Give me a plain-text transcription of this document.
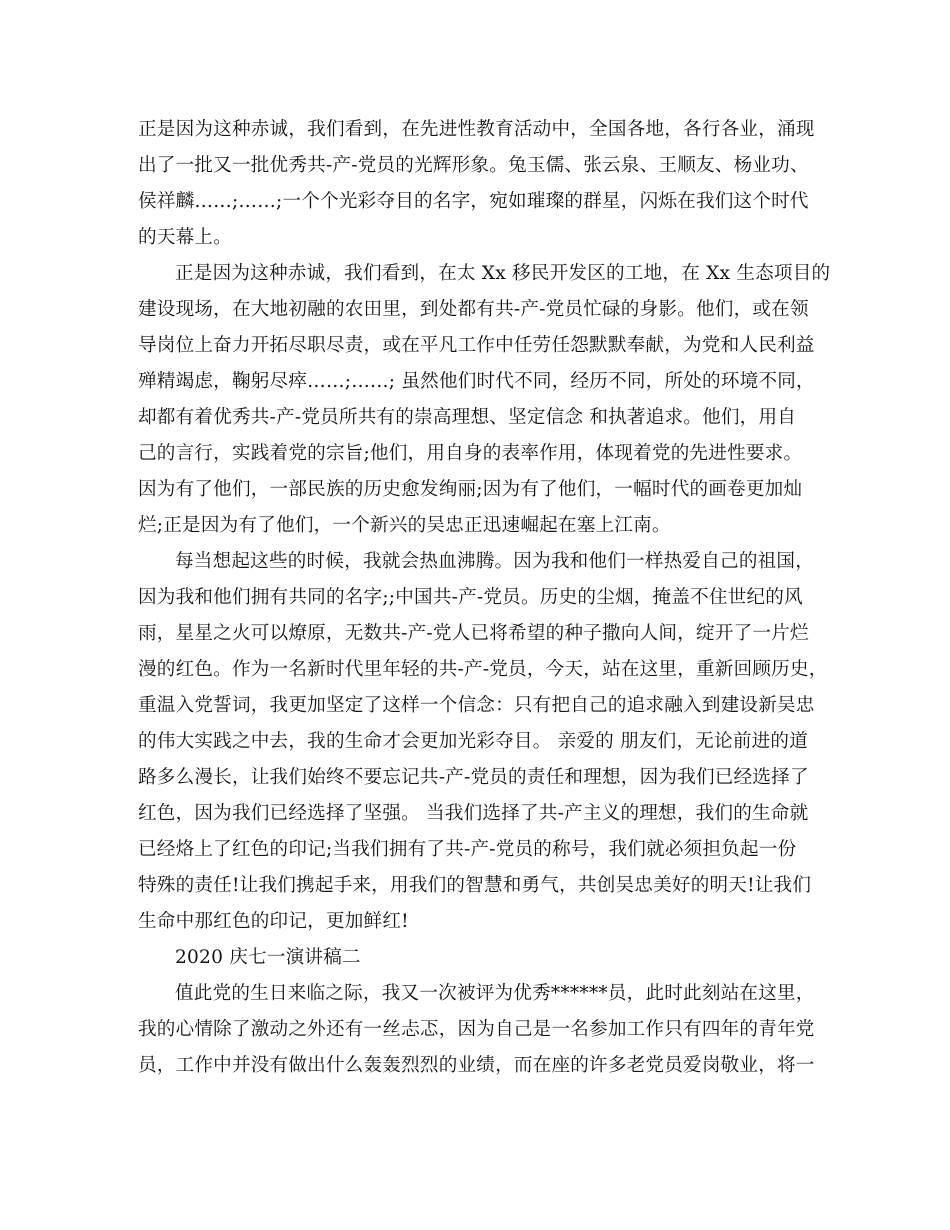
正是因为这种赤诚，我们看到，在先进性教育活动中，全国各地，各行各业，涌现
出了一批又一批优秀共-产-党员的光辉形象。兔玉儒、张云泉、王顺友、杨业功、
侯祥麟……;……;一个个光彩夺目的名字，宛如璀璨的群星，闪烁在我们这个时代
的天幕上。
正是因为这种赤诚，我们看到，在太 Xx 移民开发区的工地，在 Xx 生态项目的
建设现场，在大地初融的农田里，到处都有共-产-党员忙碌的身影。他们，或在领
导岗位上奋力开拓尽职尽责，或在平凡工作中任劳任怨默默奉献，为党和人民利益
殚精竭虑，鞠躬尽瘁……;……; 虽然他们时代不同，经历不同，所处的环境不同，
却都有着优秀共-产-党员所共有的崇高理想、坚定信念 和执著追求。他们，用自
己的言行，实践着党的宗旨;他们，用自身的表率作用，体现着党的先进性要求。
因为有了他们，一部民族的历史愈发绚丽;因为有了他们，一幅时代的画卷更加灿
烂;正是因为有了他们，一个新兴的吴忠正迅速崛起在塞上江南。
每当想起这些的时候，我就会热血沸腾。因为我和他们一样热爱自己的祖国，
因为我和他们拥有共同的名字;;中国共-产-党员。历史的尘烟，掩盖不住世纪的风
雨，星星之火可以燎原，无数共-产-党人已将希望的种子撒向人间，绽开了一片烂
漫的红色。作为一名新时代里年轻的共-产-党员，今天，站在这里，重新回顾历史，
重温入党誓词，我更加坚定了这样一个信念：只有把自己的追求融入到建设新吴忠
的伟大实践之中去，我的生命才会更加光彩夺目。 亲爱的 朋友们，无论前进的道
路多么漫长，让我们始终不要忘记共-产-党员的责任和理想，因为我们已经选择了
红色，因为我们已经选择了坚强。 当我们选择了共-产主义的理想，我们的生命就
已经烙上了红色的印记;当我们拥有了共-产-党员的称号，我们就必须担负起一份
特殊的责任!让我们携起手来，用我们的智慧和勇气，共创吴忠美好的明天!让我们
生命中那红色的印记，更加鲜红!
2020 庆七一演讲稿二
值此党的生日来临之际，我又一次被评为优秀******员，此时此刻站在这里，
我的心情除了激动之外还有一丝忐忑，因为自己是一名参加工作只有四年的青年党
员，工作中并没有做出什么轰轰烈烈的业绩，而在座的许多老党员爱岗敬业，将一
